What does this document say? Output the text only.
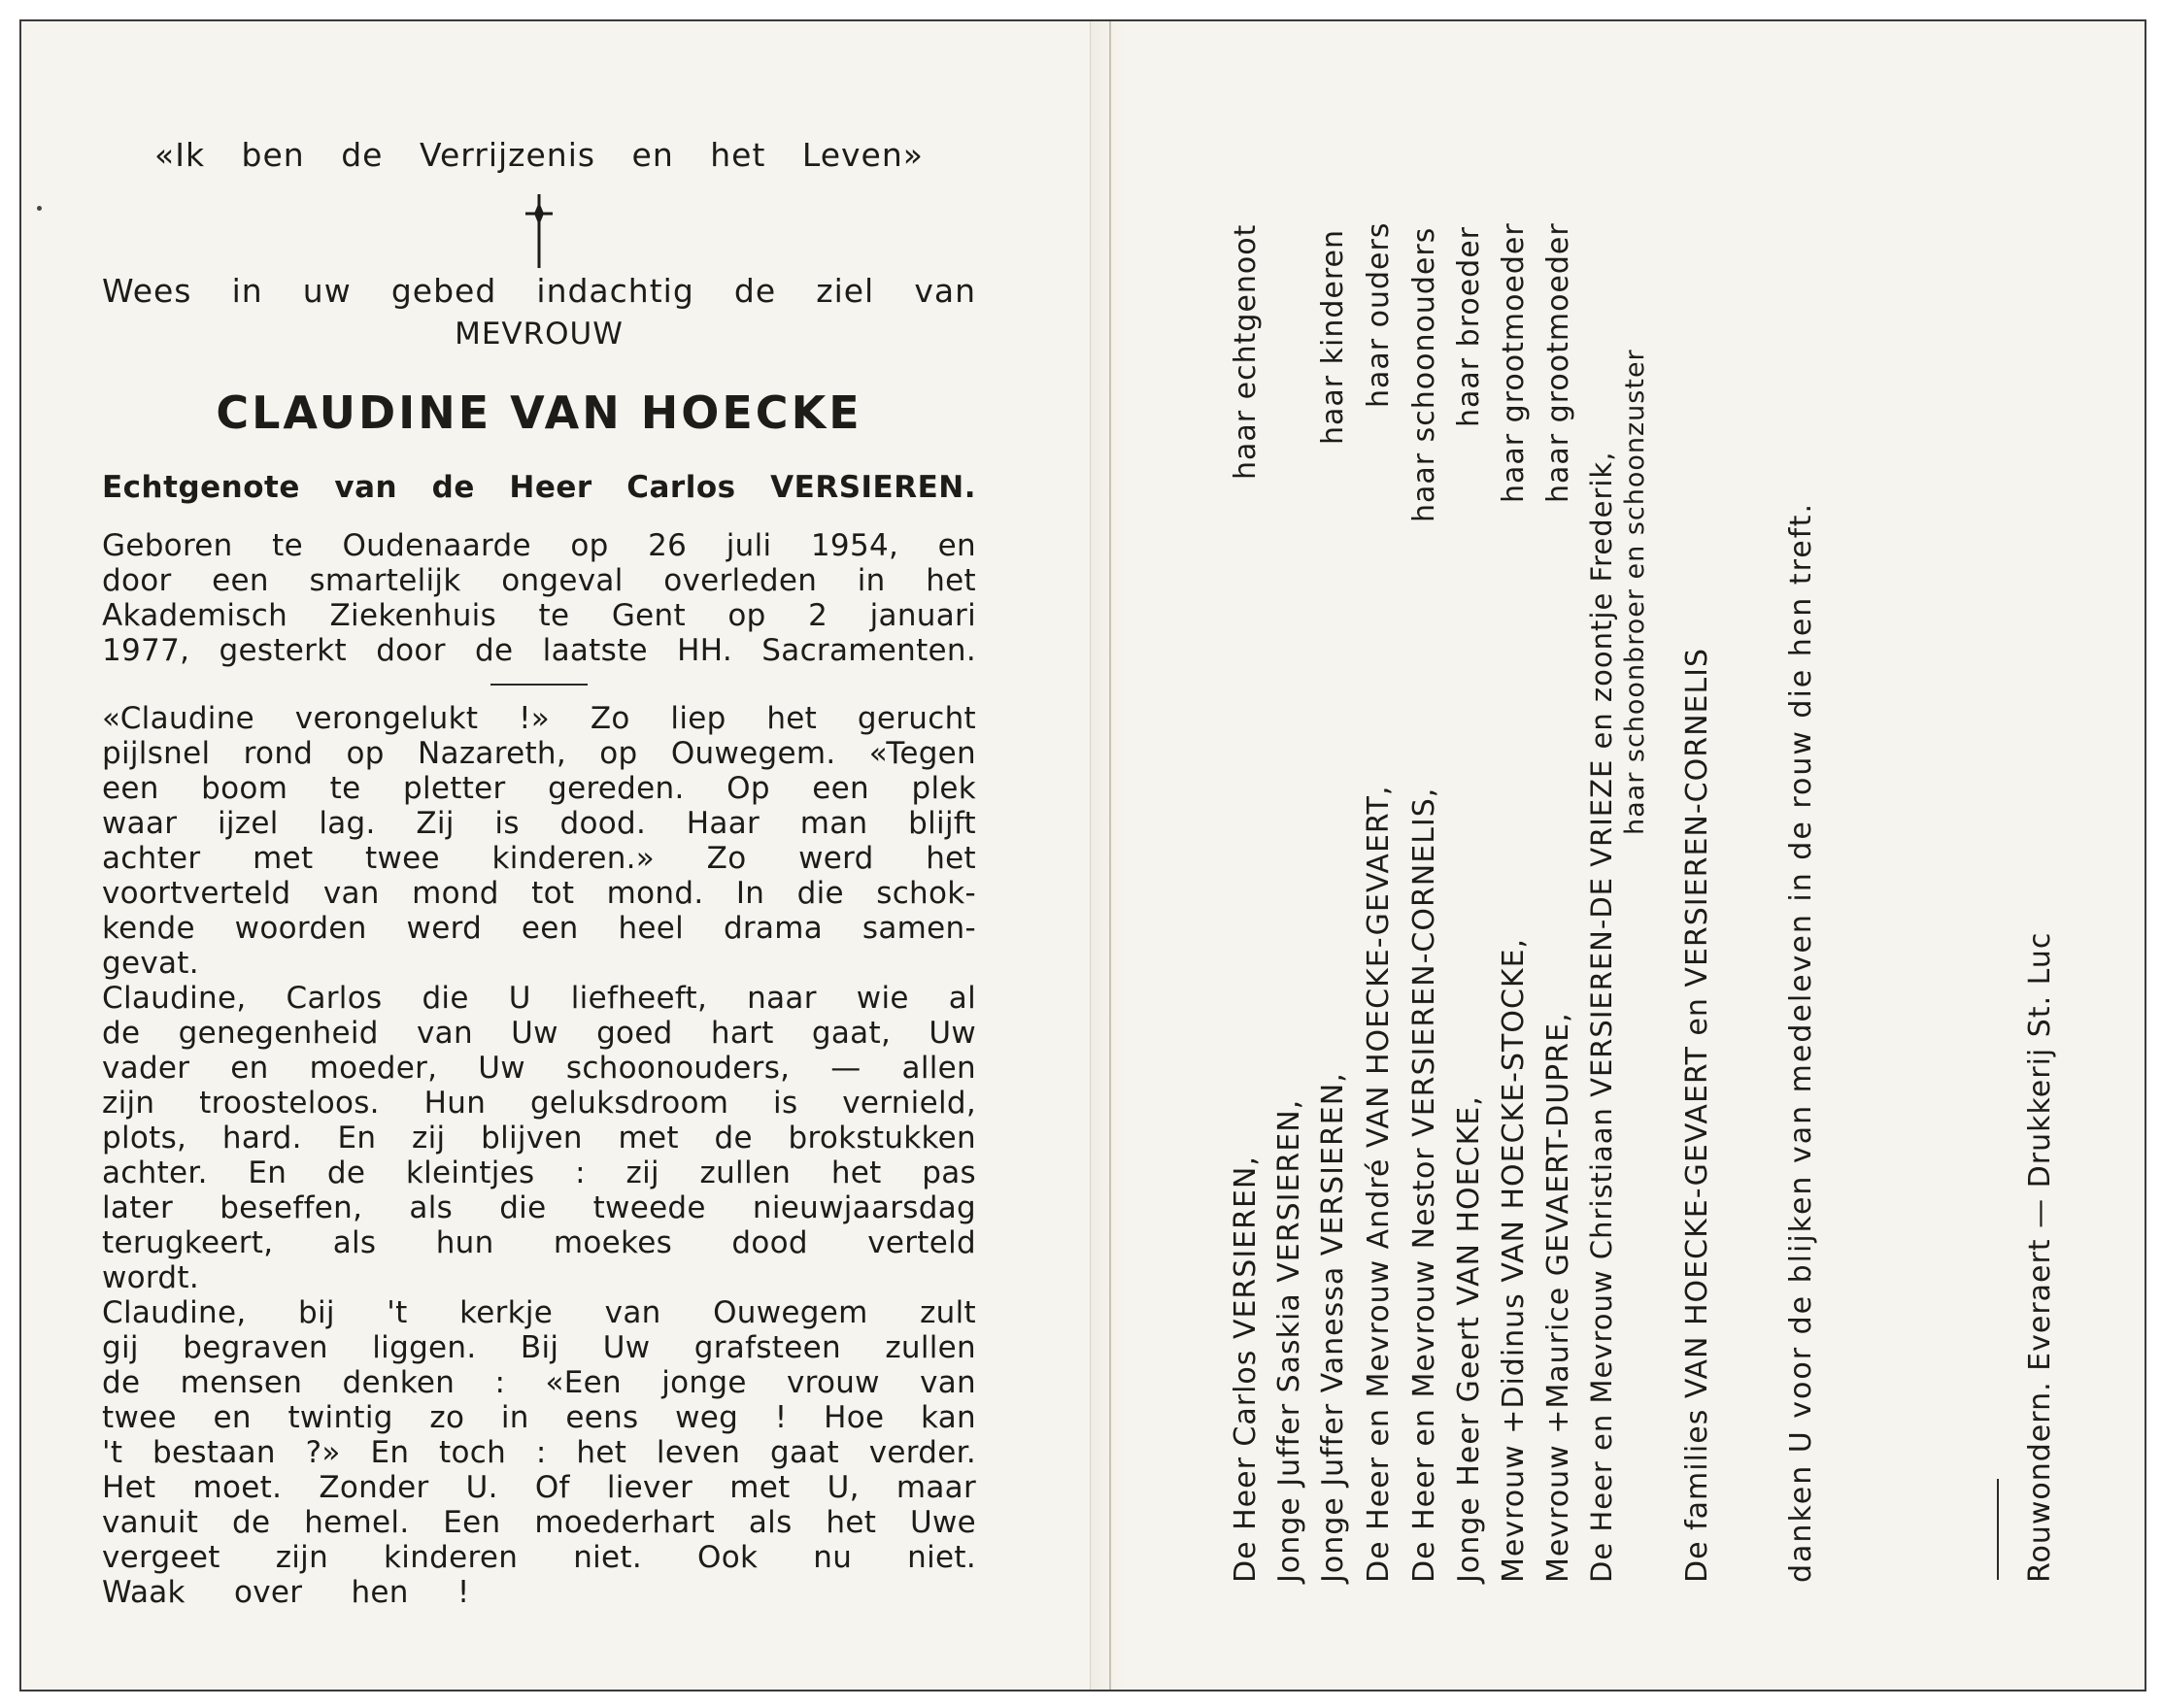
«Ik ben de Verrijzenis en het Leven»
Wees in uw gebed indachtig de ziel van
MEVROUW
CLAUDINE VAN HOECKE
Echtgenote van de Heer Carlos VERSIEREN.
Geboren te Oudenaarde op 26 juli 1954, en
door een smartelijk ongeval overleden in het
Akademisch Ziekenhuis te Gent op 2 januari
1977, gesterkt door de laatste HH. Sacramenten.
«Claudine verongelukt !» Zo liep het gerucht
pijlsnel rond op Nazareth, op Ouwegem. «Tegen
een boom te pletter gereden. Op een plek
waar ijzel lag. Zij is dood. Haar man blijft
achter met twee kinderen.» Zo werd het
voortverteld van mond tot mond. In die schok-
kende woorden werd een heel drama samen-
gevat.
Claudine, Carlos die U liefheeft, naar wie al
de genegenheid van Uw goed hart gaat, Uw
vader en moeder, Uw schoonouders, — allen
zijn troosteloos. Hun geluksdroom is vernield,
plots, hard. En zij blijven met de brokstukken
achter. En de kleintjes : zij zullen het pas
later beseffen, als die tweede nieuwjaarsdag
terugkeert, als hun moekes dood verteld
wordt.
Claudine, bij 't kerkje van Ouwegem zult
gij begraven liggen. Bij Uw grafsteen zullen
de mensen denken : «Een jonge vrouw van
twee en twintig zo in eens weg ! Hoe kan
't bestaan ?» En toch : het leven gaat verder.
Het moet. Zonder U. Of liever met U, maar
vanuit de hemel. Een moederhart als het Uwe
vergeet zijn kinderen niet. Ook nu niet.
Waak over hen !
De Heer Carlos VERSIEREN,
haar echtgenoot
Jonge Juffer Saskia VERSIEREN, Jonge Juffer Vanessa VERSIEREN,
haar kinderen
De Heer en Mevrouw André VAN HOECKE-GEVAERT,
haar ouders
De Heer en Mevrouw Nestor VERSIEREN-CORNELIS,
haar schoonouders
Jonge Heer Geert VAN HOECKE,
haar broeder
Mevrouw +Didinus VAN HOECKE-STOCKE,
haar grootmoeder
Mevrouw +Maurice GEVAERT-DUPRE,
haar grootmoeder
De Heer en Mevrouw Christiaan VERSIEREN-DE VRIEZE en zoontje Frederik, haar schoonbroer en schoonzuster
De families VAN HOECKE-GEVAERT en VERSIEREN-CORNELIS danken U voor de blijken van medeleven in de rouw die hen treft.	Rouwondern. Everaert — Drukkerij St. Luc
